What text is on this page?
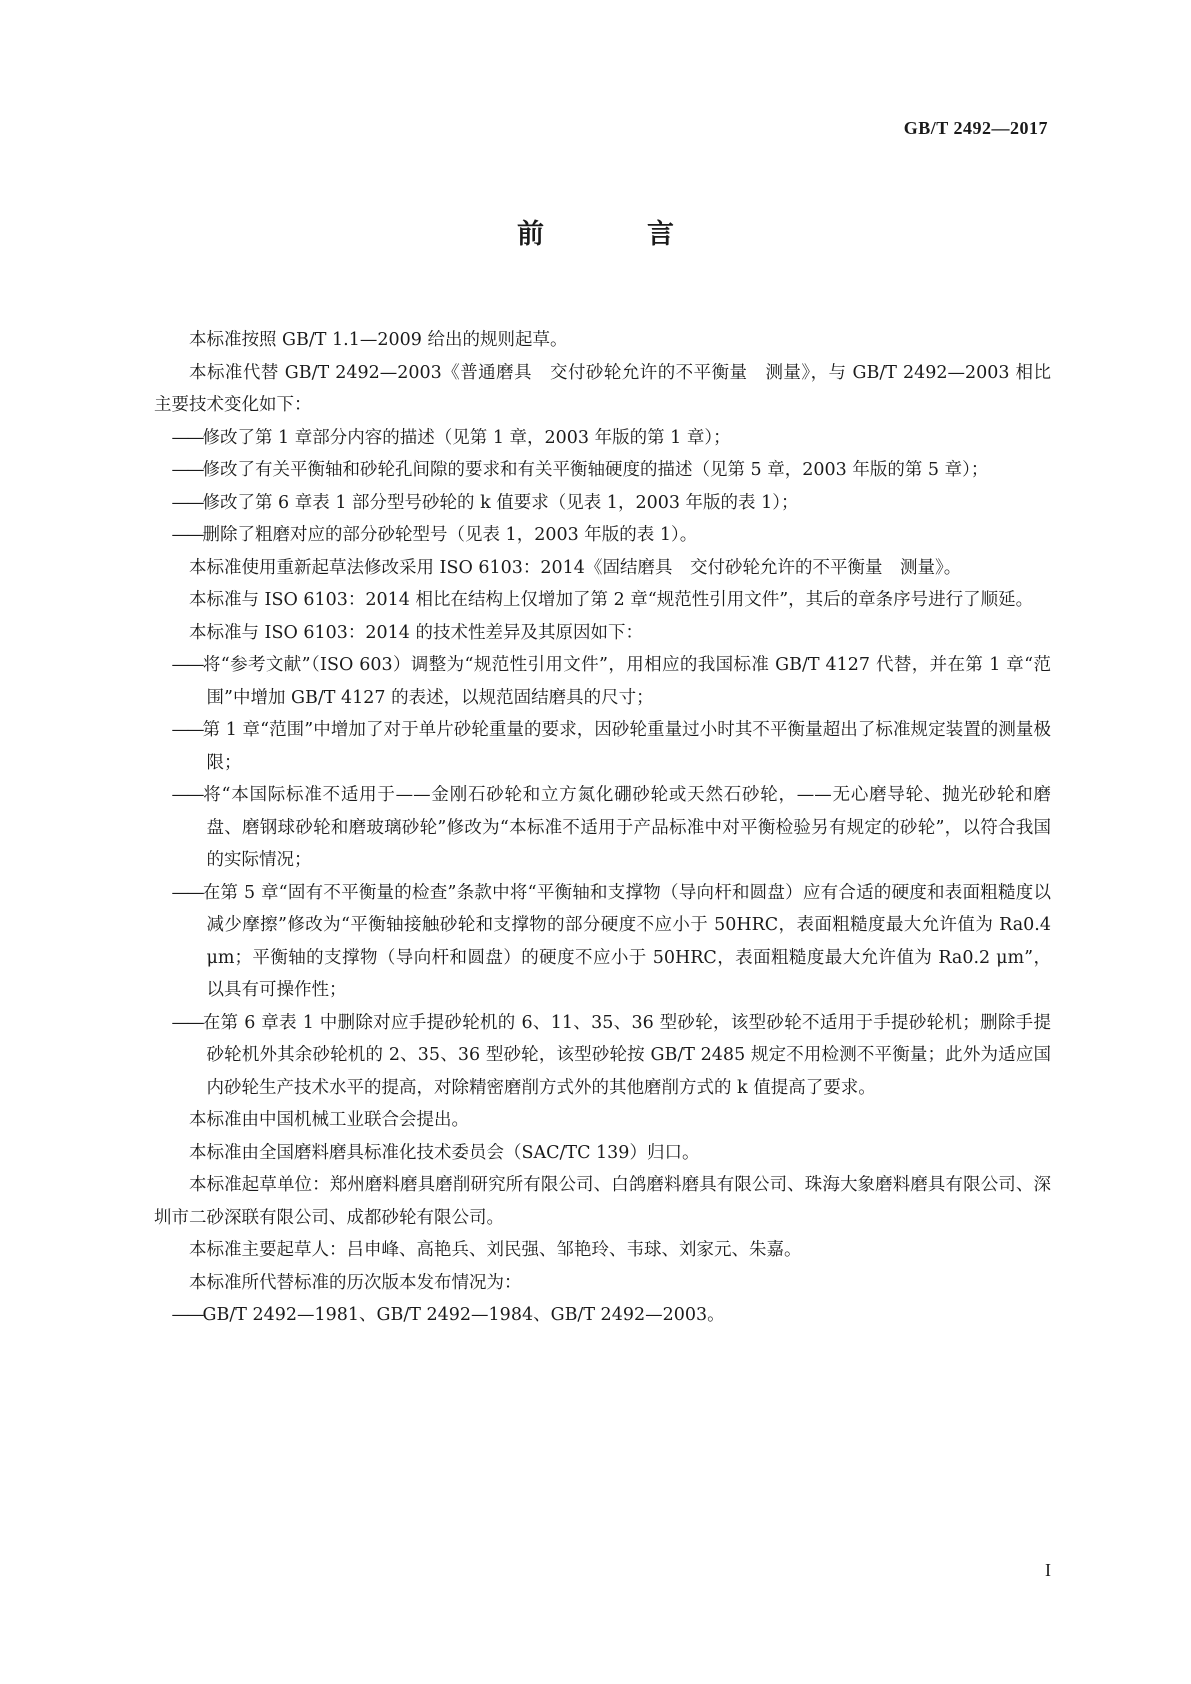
GB/T 2492—2017
前　言
本标准按照 GB/T 1.1—2009 给出的规则起草。
本标准代替 GB/T 2492—2003《普通磨具　交付砂轮允许的不平衡量　测量》，与 GB/T 2492—2003 相比主要技术变化如下：
——修改了第 1 章部分内容的描述（见第 1 章，2003 年版的第 1 章）；
——修改了有关平衡轴和砂轮孔间隙的要求和有关平衡轴硬度的描述（见第 5 章，2003 年版的第 5 章）；
——修改了第 6 章表 1 部分型号砂轮的 k 值要求（见表 1，2003 年版的表 1）；
——删除了粗磨对应的部分砂轮型号（见表 1，2003 年版的表 1）。
本标准使用重新起草法修改采用 ISO 6103：2014《固结磨具　交付砂轮允许的不平衡量　测量》。
本标准与 ISO 6103：2014 相比在结构上仅增加了第 2 章“规范性引用文件”，其后的章条序号进行了顺延。
本标准与 ISO 6103：2014 的技术性差异及其原因如下：
——将“参考文献”（ISO 603）调整为“规范性引用文件”，用相应的我国标准 GB/T 4127 代替，并在第 1 章“范围”中增加 GB/T 4127 的表述，以规范固结磨具的尺寸；
——第 1 章“范围”中增加了对于单片砂轮重量的要求，因砂轮重量过小时其不平衡量超出了标准规定装置的测量极限；
——将“本国际标准不适用于——金刚石砂轮和立方氮化硼砂轮或天然石砂轮，——无心磨导轮、抛光砂轮和磨盘、磨钢球砂轮和磨玻璃砂轮”修改为“本标准不适用于产品标准中对平衡检验另有规定的砂轮”，以符合我国的实际情况；
——在第 5 章“固有不平衡量的检查”条款中将“平衡轴和支撑物（导向杆和圆盘）应有合适的硬度和表面粗糙度以减少摩擦”修改为“平衡轴接触砂轮和支撑物的部分硬度不应小于 50HRC，表面粗糙度最大允许值为 Ra0.4 μm；平衡轴的支撑物（导向杆和圆盘）的硬度不应小于 50HRC，表面粗糙度最大允许值为 Ra0.2 μm”，以具有可操作性；
——在第 6 章表 1 中删除对应手提砂轮机的 6、11、35、36 型砂轮，该型砂轮不适用于手提砂轮机；删除手提砂轮机外其余砂轮机的 2、35、36 型砂轮，该型砂轮按 GB/T 2485 规定不用检测不平衡量；此外为适应国内砂轮生产技术水平的提高，对除精密磨削方式外的其他磨削方式的 k 值提高了要求。
本标准由中国机械工业联合会提出。
本标准由全国磨料磨具标准化技术委员会（SAC/TC 139）归口。
本标准起草单位：郑州磨料磨具磨削研究所有限公司、白鸽磨料磨具有限公司、珠海大象磨料磨具有限公司、深圳市二砂深联有限公司、成都砂轮有限公司。
本标准主要起草人：吕申峰、高艳兵、刘民强、邹艳玲、韦球、刘家元、朱嘉。
本标准所代替标准的历次版本发布情况为：
——GB/T 2492—1981、GB/T 2492—1984、GB/T 2492—2003。
I
